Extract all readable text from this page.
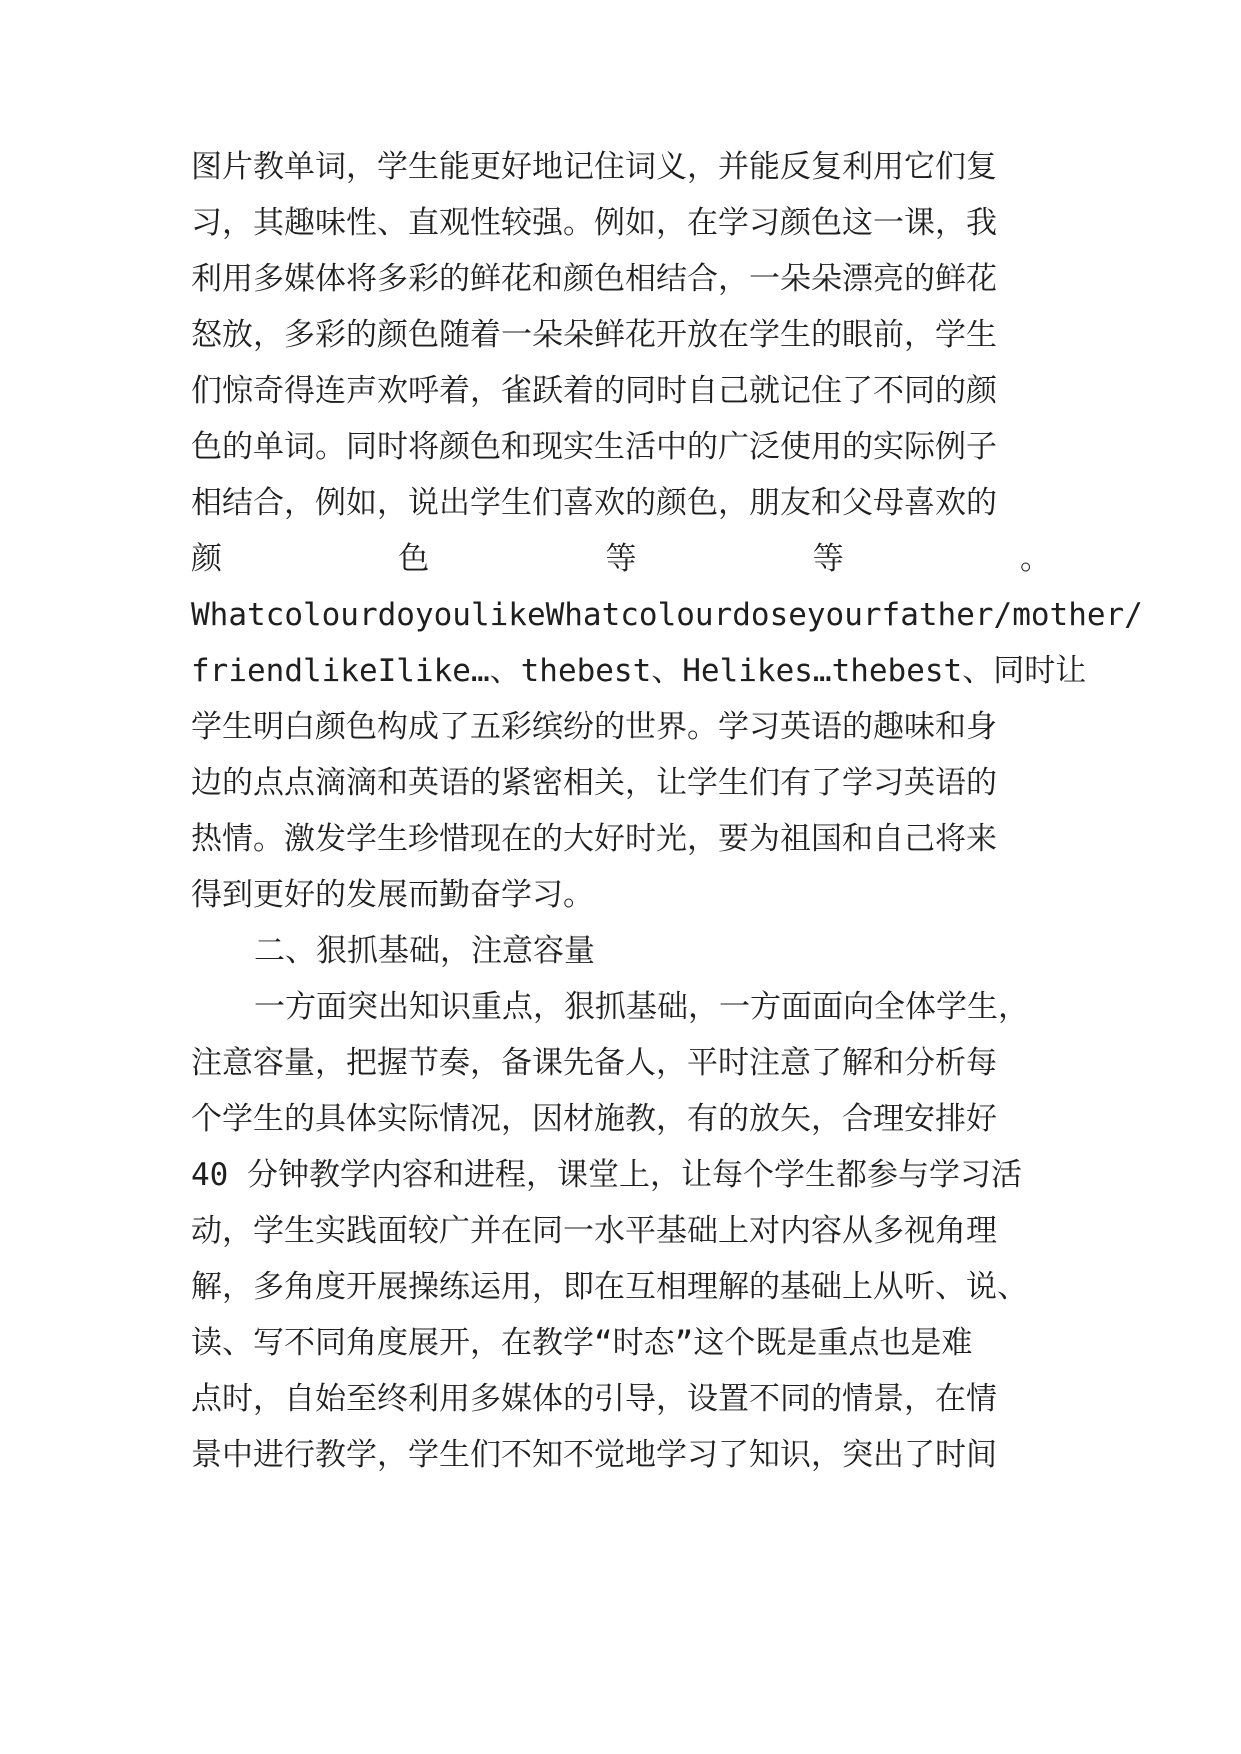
图片教单词，学生能更好地记住词义，并能反复利用它们复
习，其趣味性、直观性较强。例如，在学习颜色这一课，我
利用多媒体将多彩的鲜花和颜色相结合，一朵朵漂亮的鲜花
怒放，多彩的颜色随着一朵朵鲜花开放在学生的眼前，学生
们惊奇得连声欢呼着，雀跃着的同时自己就记住了不同的颜
色的单词。同时将颜色和现实生活中的广泛使用的实际例子
相结合，例如，说出学生们喜欢的颜色，朋友和父母喜欢的
颜	色	等	等	。
WhatcolourdoyoulikeWhatcolourdoseyourfather/mother/
friendlikeIlike…、thebest、Helikes…thebest、同时让
学生明白颜色构成了五彩缤纷的世界。学习英语的趣味和身
边的点点滴滴和英语的紧密相关，让学生们有了学习英语的
热情。激发学生珍惜现在的大好时光，要为祖国和自己将来
得到更好的发展而勤奋学习。
二、狠抓基础，注意容量
一方面突出知识重点，狠抓基础，一方面面向全体学生，
注意容量，把握节奏，备课先备人，平时注意了解和分析每
个学生的具体实际情况，因材施教，有的放矢，合理安排好
40 分钟教学内容和进程，课堂上，让每个学生都参与学习活
动，学生实践面较广并在同一水平基础上对内容从多视角理
解，多角度开展操练运用，即在互相理解的基础上从听、说、
读、写不同角度展开，在教学“时态”这个既是重点也是难
点时，自始至终利用多媒体的引导，设置不同的情景，在情
景中进行教学，学生们不知不觉地学习了知识，突出了时间
